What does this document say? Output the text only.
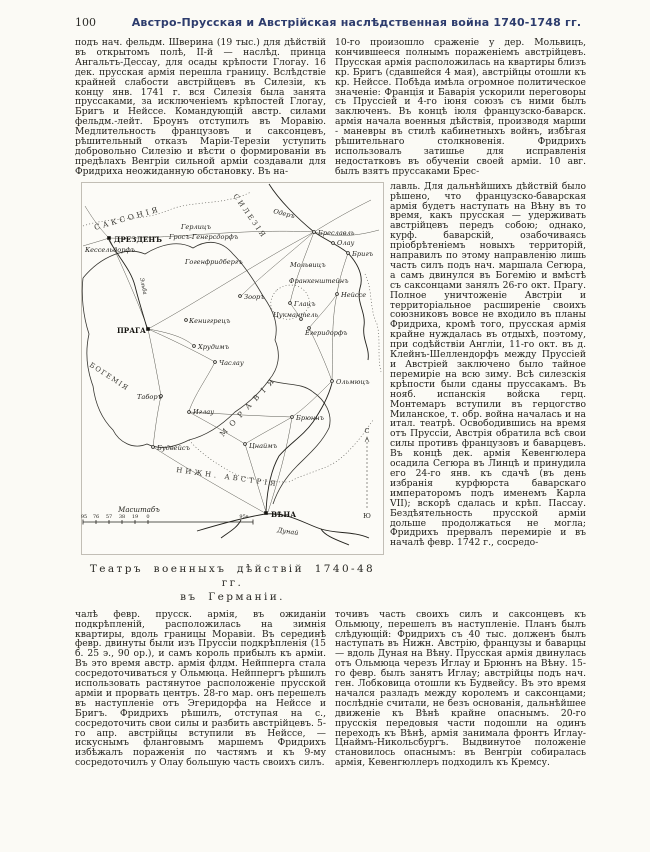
100	Австро-Прусская и Австрійская наслѣдственная война 1740-1748 гг.
подъ нач. фельдм. Шверина (19 тыс.) для дѣйствій въ открытомъ полѣ, II-й — наслѣд. принца Ангальтъ-Дессау, для осады крѣпости Глогау. 16 дек. прусская армія перешла границу. Вслѣдствіе крайней слабости австрійцевъ въ Силезіи, къ концу янв. 1741 г. вся Силезія была занята пруссаками, за исключеніемъ крѣпостей Глогау, Бригъ и Нейссе. Командующій австр. силами фельдм.-лейт. Броунъ отступилъ въ Моравію. Медлительность французовъ и саксонцевъ, рѣшительный отказъ Маріи-Терезіи уступить добровольно Силезію и вѣсти о формированіи въ предѣлахъ Венгріи сильной арміи создавали для Фридриха неожиданную обстановку. Въ на-
10-го произошло сраженіе у дер. Мольвицъ, кончившееся полнымъ пораженіемъ австрійцевъ. Прусская армія расположилась на квартиры близъ кр. Бригъ (сдавшейся 4 мая), австрійцы отошли къ кр. Нейссе. Побѣда имѣла огромное политическое значеніе: Франція и Баварія ускорили переговоры съ Пруссіей и 4-го іюня союзъ съ ними былъ заключенъ. Въ концѣ іюля французско-баварск. армія начала военныя дѣйствія, производя марши - маневры въ стилѣ кабинетныхъ войнъ, избѣгая рѣшительнаго столкновенія. Фридрихъ использовалъ затишье для исправленія недостатковъ въ обученіи своей арміи. 10 авг. былъ взятъ пруссаками Брес-
С
Ю
САКСОНІЯ	СИЛЕЗІЯ
БОГЕМІЯ	МОРАВІЯ
НИЖН. АВСТРІЯ
ДРЕЗДЕНЪ
ПРАГА
ВѢНА
Кессельдорфъ
Герлицъ
Гросъ-Генерсдорфъ
Гогенфридбергъ
Кениггрецъ
Бреславль
Олау
Бригъ
Мольвицъ
Франкенштейнъ
Нейссе
Зооръ
Глацъ
Цукмантель
Егеридорфъ
Хрудимъ
Часлау
Таборъ
Иглау
Будвейсъ
Ольмюцъ
Брюннъ
Цнаймъ
Одеръ
Эльба
Дунай
Масштабъ
95 76 57 38 19 0	95в
Театръ военныхъ дѣйствій 1740-48 гг.
въ Германіи.
лавль. Для дальнѣйшихъ дѣйствій было рѣшено, что французско-баварская армія будетъ наступать на Вѣну въ то время, какъ прусская — удерживать австрійцевъ передъ собою; однако, курф. баварскій, озабочиваясь пріобрѣтеніемъ новыхъ территорій, направилъ по этому направленію лишь часть силъ подъ нач. маршала Сегюра, а самъ двинулся въ Богемію и вмѣстѣ съ саксонцами занялъ 26-го окт. Прагу. Полное уничтоженіе Австріи и территоріальное расширеніе своихъ союзниковъ вовсе не входило въ планы Фридриха, кромѣ того, прусская армія крайне нуждалась въ отдыхѣ, поэтому, при содѣйствіи Англіи, 11-го окт. въ д. Клейнъ-Шеллендорфъ между Пруссіей и Австріей заключено было тайное перемиріе на всю зиму. Всѣ силезскія крѣпости были сданы пруссакамъ. Въ нояб. испанскія войска герц. Монтемаръ вступили въ герцогство Миланское, т. обр. война началась и на итал. театрѣ. Освободившись на время отъ Пруссіи, Австрія обратила всѣ свои силы противъ французовъ и баварцевъ. Въ концѣ дек. армія Кевенгюлера осадила Сегюра въ Линцѣ и принудила его 24-го янв. къ сдачѣ (въ день избранія курфюрста баварскаго императоромъ подъ именемъ Карла VII); вскорѣ сдалась и крѣп. Пассау. Бездѣятельность прусской арміи дольше продолжаться не могла; Фридрихъ прервалъ перемиріе и въ началѣ февр. 1742 г., сосредо-
чалѣ февр. прусск. армія, въ ожиданіи подкрѣпленій, расположилась на зимнія квартиры, вдоль границы Моравіи. Въ серединѣ февр. двинуты были изъ Пруссіи подкрѣпленія (15 б. 25 э., 90 ор.), и самъ король прибылъ къ арміи. Въ это время австр. армія флдм. Нейпперга стала сосредоточиваться у Ольмюца. Нейппергъ рѣшилъ использовать растянутое расположеніе прусской арміи и прорвать центръ. 28-го мар. онъ перешелъ въ наступленіе отъ Эгеридорфа на Нейссе и Бригъ. Фридрихъ рѣшилъ, отступая на с., сосредоточить свои силы и разбить австрійцевъ. 5-го апр. австрійцы вступили въ Нейссе, — искуснымъ фланговымъ маршемъ Фридрихъ избѣжалъ пораженія по частямъ и къ 9-му сосредоточилъ у Олау большую часть своихъ силъ.
точивъ часть своихъ силъ и саксонцевъ къ Ольмюцу, перешелъ въ наступленіе. Планъ былъ слѣдующій: Фридрихъ съ 40 тыс. долженъ былъ наступать въ Нижн. Австрію, французы и баварцы — вдоль Дуная на Вѣну. Прусская армія двинулась отъ Ольмюца черезъ Иглау и Брюннъ на Вѣну. 15-го февр. былъ занятъ Иглау; австрійцы подъ нач. ген. Лобковица отошли къ Будвейсу. Въ это время начался разладъ между королемъ и саксонцами; послѣдніе считали, не безъ основанія, дальнѣйшее движеніе къ Вѣнѣ крайне опаснымъ. 20-го прусскія передовыя части подошли на одинъ переходъ къ Вѣнѣ, армія занимала фронтъ Иглау-Цнаймъ-Никольсбургъ. Выдвинутое положеніе становилось опаснымъ: въ Венгріи собиралась армія, Кевенгюллеръ подходилъ къ Кремсу.
